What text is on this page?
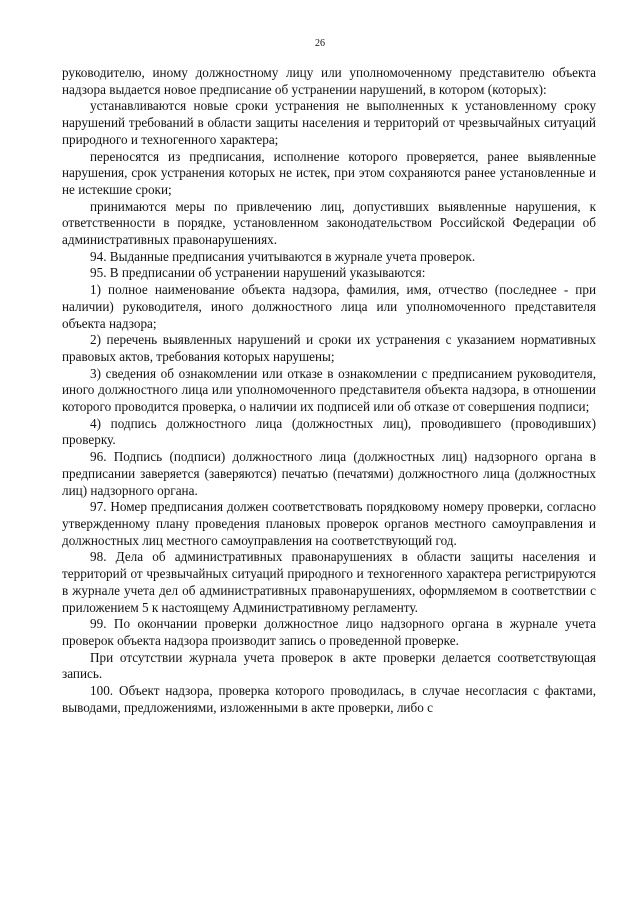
26

руководителю, иному должностному лицу или уполномоченному представителю объекта надзора выдается новое предписание об устранении нарушений, в котором (которых):

устанавливаются новые сроки устранения не выполненных к установленному сроку нарушений требований в области защиты населения и территорий от чрезвычайных ситуаций природного и техногенного характера;

переносятся из предписания, исполнение которого проверяется, ранее выявленные нарушения, срок устранения которых не истек, при этом сохраняются ранее установленные и не истекшие сроки;

принимаются меры по привлечению лиц, допустивших выявленные нарушения, к ответственности в порядке, установленном законодательством Российской Федерации об административных правонарушениях.

94. Выданные предписания учитываются в журнале учета проверок.

95. В предписании об устранении нарушений указываются:

1) полное наименование объекта надзора, фамилия, имя, отчество (последнее - при наличии) руководителя, иного должностного лица или уполномоченного представителя объекта надзора;

2) перечень выявленных нарушений и сроки их устранения с указанием нормативных правовых актов, требования которых нарушены;

3) сведения об ознакомлении или отказе в ознакомлении с предписанием руководителя, иного должностного лица или уполномоченного представителя объекта надзора, в отношении которого проводится проверка, о наличии их подписей или об отказе от совершения подписи;

4) подпись должностного лица (должностных лиц), проводившего (проводивших) проверку.

96. Подпись (подписи) должностного лица (должностных лиц) надзорного органа в предписании заверяется (заверяются) печатью (печатями) должностного лица (должностных лиц) надзорного органа.

97. Номер предписания должен соответствовать порядковому номеру проверки, согласно утвержденному плану проведения плановых проверок органов местного самоуправления и должностных лиц местного самоуправления на соответствующий год.

98. Дела об административных правонарушениях в области защиты населения и территорий от чрезвычайных ситуаций природного и техногенного характера регистрируются в журнале учета дел об административных правонарушениях, оформляемом в соответствии с приложением 5 к настоящему Административному регламенту.

99. По окончании проверки должностное лицо надзорного органа в журнале учета проверок объекта надзора производит запись о проведенной проверке.

При отсутствии журнала учета проверок в акте проверки делается соответствующая запись.

100. Объект надзора, проверка которого проводилась, в случае несогласия с фактами, выводами, предложениями, изложенными в акте проверки, либо с
